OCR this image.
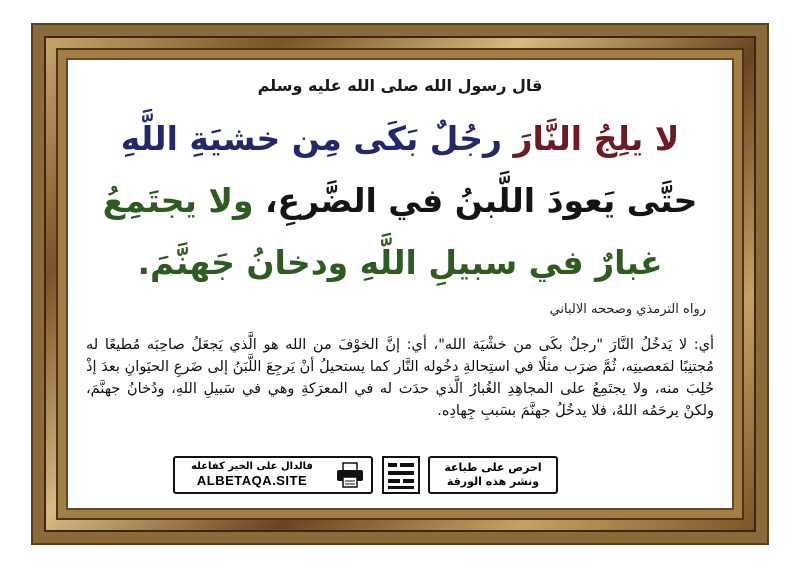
قال رسول الله صلى الله عليه وسلم
لا يلِجُ النَّارَ رجُلٌ بَكَى مِن خشيَةِ اللَّهِ
حتَّى يَعودَ اللَّبنُ في الضَّرعِ، ولا يجتَمِعُ
غبارٌ في سبيلِ اللَّهِ ودخانُ جَهنَّمَ.
رواه الترمذي وصححه الالباني
أي: لا يَدخُلُ النَّارَ "رجلٌ بكَى من خشْيَة الله"، أي: إنَّ الخوْفَ من الله هو الَّذي يَجعَلُ صاحِبَه مُطيعًا له مُجتنِبًا لمَعصيتِه، ثُمَّ ضرَب مثلًا في استِحالةِ دخُوله النَّار كما يستحيلُ أنْ يَرجِعَ اللَّبَنُ إلى ضَرعِ الحيَوانِ بعدَ إذْ حُلِبَ منه، ولا يجتَمِعُ على المجاهِدِ الغُبارُ الَّذي حدَث له في المعرَكةِ وهي في سَبيلِ اللهِ، ودُخانُ جهنَّمَ، ولكنْ يرحَمُه اللهُ، فلا يدخُلُ جهنَّمَ بسَببِ جِهادِه.
احرص على طباعة
ونشر هذه الورقة
فالدال على الخير كفاعله
ALBETAQA.SITE
